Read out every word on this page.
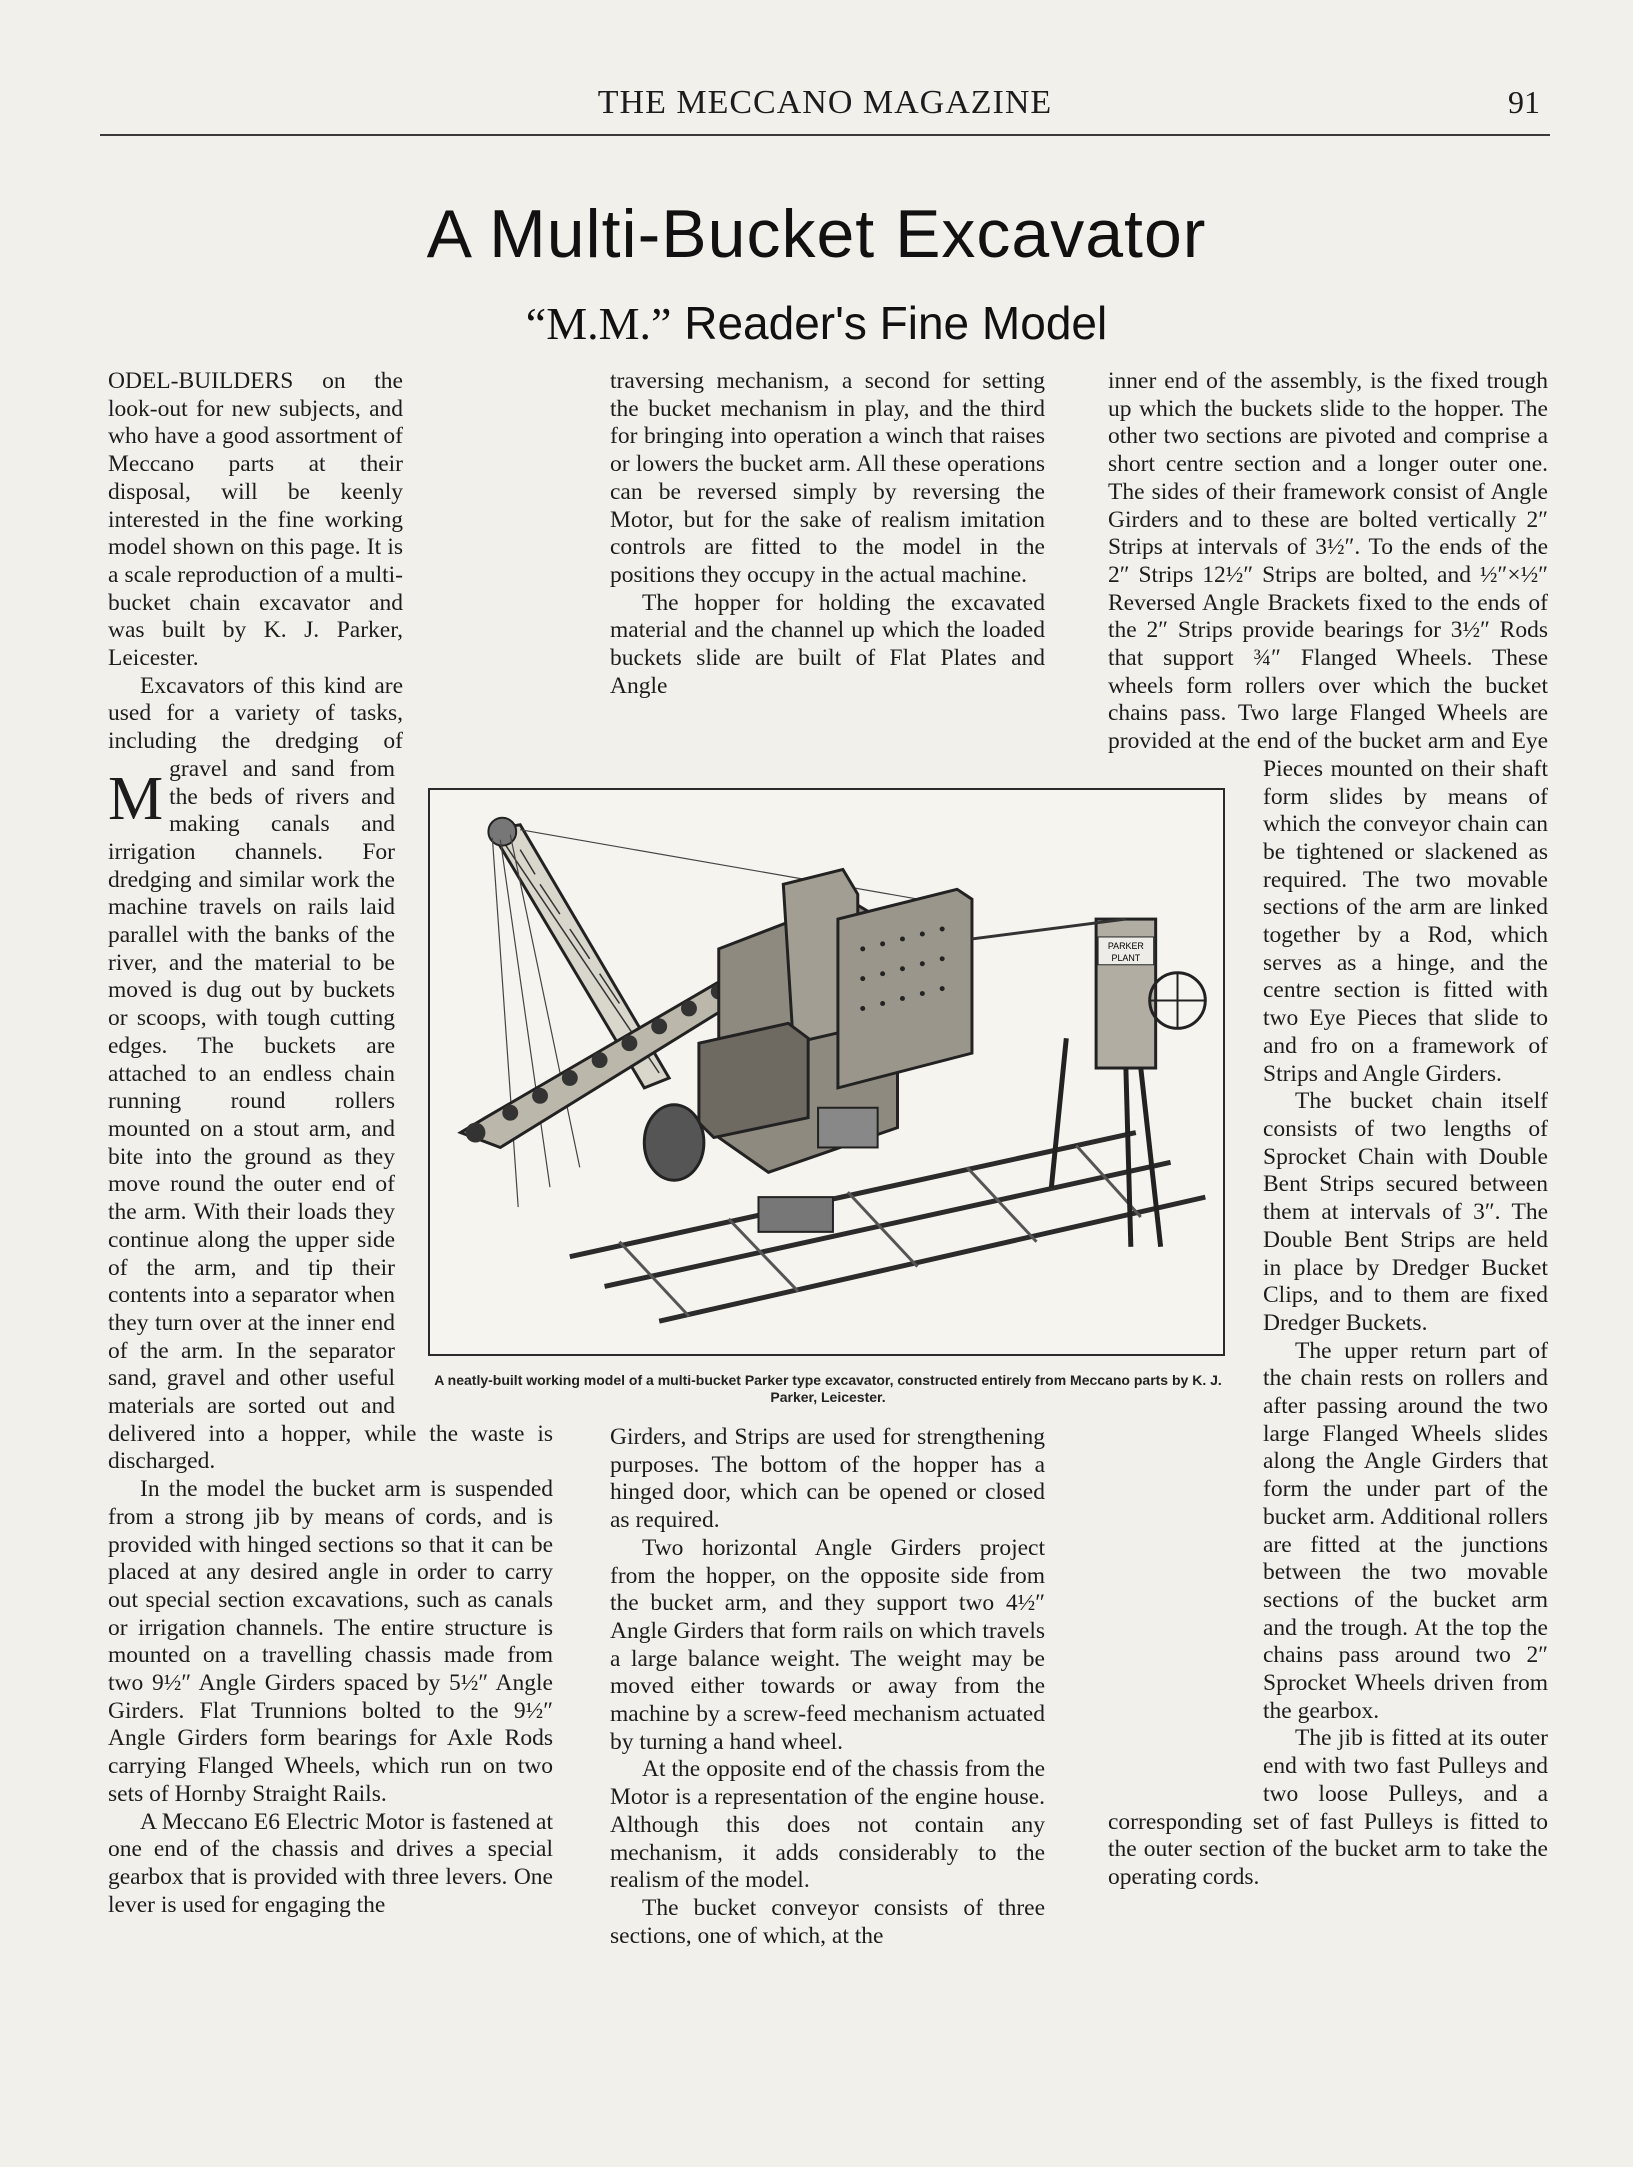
THE MECCANO MAGAZINE	91
A Multi-Bucket Excavator
“M.M.” Reader's Fine Model

M
ODEL-BUILDERS on the look-out for new subjects, and who have a good assortment of Meccano parts at their disposal, will be keenly interested in the fine working model shown on this page. It is a scale reproduction of a multi-bucket chain excavator and was built by K. J. Parker, Leicester.

Excavators of this kind are used for a variety of tasks, including the dredging of gravel and sand from the beds of rivers and making canals and irrigation channels. For dredging and similar work the machine travels on rails laid parallel with the banks of the river, and the material to be moved is dug out by buckets or scoops, with tough cutting edges. The buckets are attached to an endless chain running round rollers mounted on a stout arm, and bite into the ground as they move round the outer end of the arm. With their loads they continue along the upper side of the arm, and tip their contents into a separator when they turn over at the inner end of the arm. In the separator sand, gravel and other useful materials are sorted out and delivered into a hopper, while the waste is discharged.

In the model the bucket arm is suspended from a strong jib by means of cords, and is provided with hinged sections so that it can be placed at any desired angle in order to carry out special section excavations, such as canals or irrigation channels. The entire structure is mounted on a travelling chassis made from two 9½″ Angle Girders spaced by 5½″ Angle Girders. Flat Trunnions bolted to the 9½″ Angle Girders form bearings for Axle Rods carrying Flanged Wheels, which run on two sets of Hornby Straight Rails.

A Meccano E6 Electric Motor is fastened at one end of the chassis and drives a special gearbox that is provided with three levers. One lever is used for engaging the

traversing mechanism, a second for setting the bucket mechanism in play, and the third for bringing into operation a winch that raises or lowers the bucket arm. All these operations can be reversed simply by reversing the Motor, but for the sake of realism imitation controls are fitted to the model in the positions they occupy in the actual machine.

The hopper for holding the excavated material and the channel up which the loaded buckets slide are built of Flat Plates and Angle

Girders, and Strips are used for strengthening purposes. The bottom of the hopper has a hinged door, which can be opened or closed as required.

Two horizontal Angle Girders project from the hopper, on the opposite side from the bucket arm, and they support two 4½″ Angle Girders that form rails on which travels a large balance weight. The weight may be moved either towards or away from the machine by a screw-feed mechanism actuated by turning a hand wheel.

At the opposite end of the chassis from the Motor is a representation of the engine house. Although this does not contain any mechanism, it adds considerably to the realism of the model.

The bucket conveyor consists of three sections, one of which, at the

inner end of the assembly, is the fixed trough up which the buckets slide to the hopper. The other two sections are pivoted and comprise a short centre section and a longer outer one. The sides of their framework consist of Angle Girders and to these are bolted vertically 2″ Strips at intervals of 3½″. To the ends of the 2″ Strips 12½″ Strips are bolted, and ½″×½″ Reversed Angle Brackets fixed to the ends of the 2″ Strips provide bearings for 3½″ Rods that support ¾″ Flanged Wheels. These wheels form rollers over which the bucket chains pass. Two large Flanged Wheels are provided at the end of the bucket arm and Eye Pieces mounted on their shaft form slides by means of which the conveyor chain can be tightened or slackened as required. The two movable sections of the arm are linked together by a Rod, which serves as a hinge, and the centre section is fitted with two Eye Pieces that slide to and fro on a framework of Strips and Angle Girders.

The bucket chain itself consists of two lengths of Sprocket Chain with Double Bent Strips secured between them at intervals of 3″. The Double Bent Strips are held in place by Dredger Bucket Clips, and to them are fixed Dredger Buckets.

The upper return part of the chain rests on rollers and after passing around the two large Flanged Wheels slides along the Angle Girders that form the under part of the bucket arm. Additional rollers are fitted at the junctions between the two movable sections of the bucket arm and the trough. At the top the chains pass around two 2″ Sprocket Wheels driven from the gearbox.

The jib is fitted at its outer end with two fast Pulleys and two loose Pulleys, and a corresponding set of fast Pulleys is fitted to the outer section of the bucket arm to take the operating cords.

PARKER
PLANT
A neatly-built working model of a multi-bucket Parker type excavator, constructed entirely from Meccano parts by K. J. Parker, Leicester.
